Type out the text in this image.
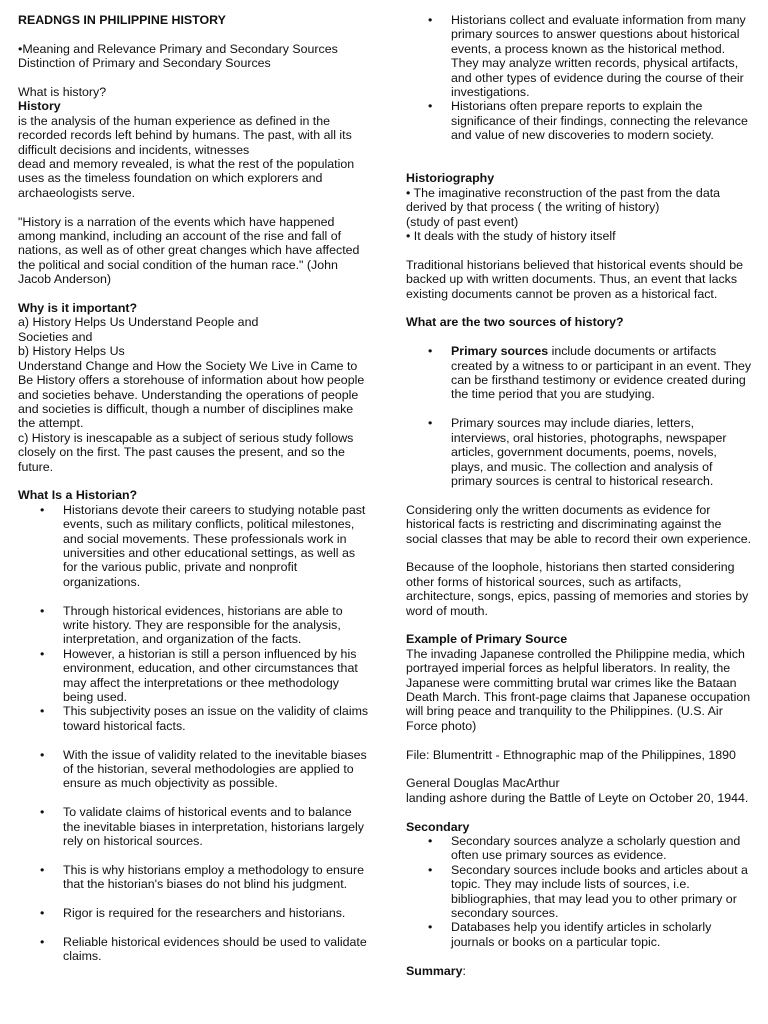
READNGS IN PHILIPPINE HISTORY

•Meaning and Relevance Primary and Secondary Sources

Distinction of Primary and Secondary Sources

What is history?

History

is the analysis of the human experience as defined in the recorded records left behind by humans. The past, with all its difficult decisions and incidents, witnesses

dead and memory revealed, is what the rest of the population uses as the timeless foundation on which explorers and archaeologists serve.

"History is a narration of the events which have happened among mankind, including an account of the rise and fall of nations, as well as of other great changes which have affected the political and social condition of the human race." (John Jacob Anderson)

Why is it important?

a) History Helps Us Understand People and

Societies and

b) History Helps Us

Understand Change and How the Society We Live in Came to Be History offers a storehouse of information about how people and societies behave. Understanding the operations of people and societies is difficult, though a number of disciplines make the attempt.

c) History is inescapable as a subject of serious study follows closely on the first. The past causes the present, and so the future.

What Is a Historian?

• Historians devote their careers to studying notable past events, such as military conflicts, political milestones, and social movements. These professionals work in universities and other educational settings, as well as for the various public, private and nonprofit organizations.
• Through historical evidences, historians are able to write history. They are responsible for the analysis, interpretation, and organization of the facts.
• However, a historian is still a person influenced by his environment, education, and other circumstances that may affect the interpretations or thee methodology being used.
• This subjectivity poses an issue on the validity of claims toward historical facts.
• With the issue of validity related to the inevitable biases of the historian, several methodologies are applied to ensure as much objectivity as possible.
• To validate claims of historical events and to balance the inevitable biases in interpretation, historians largely rely on historical sources.
• This is why historians employ a methodology to ensure that the historian's biases do not blind his judgment.
• Rigor is required for the researchers and historians.
• Reliable historical evidences should be used to validate claims.
• Historians collect and evaluate information from many primary sources to answer questions about historical events, a process known as the historical method. They may analyze written records, physical artifacts, and other types of evidence during the course of their investigations.
• Historians often prepare reports to explain the significance of their findings, connecting the relevance and value of new discoveries to modern society.

Historiography

• The imaginative reconstruction of the past from the data derived by that process ( the writing of history)

(study of past event)

• It deals with the study of history itself

Traditional historians believed that historical events should be backed up with written documents. Thus, an event that lacks existing documents cannot be proven as a historical fact.

What are the two sources of history?

• Primary sources include documents or artifacts created by a witness to or participant in an event. They can be firsthand testimony or evidence created during the time period that you are studying.
• Primary sources may include diaries, letters, interviews, oral histories, photographs, newspaper articles, government documents, poems, novels, plays, and music. The collection and analysis of primary sources is central to historical research.

Considering only the written documents as evidence for historical facts is restricting and discriminating against the social classes that may be able to record their own experience.

Because of the loophole, historians then started considering other forms of historical sources, such as artifacts, architecture, songs, epics, passing of memories and stories by word of mouth.

Example of Primary Source

The invading Japanese controlled the Philippine media, which portrayed imperial forces as helpful liberators. In reality, the Japanese were committing brutal war crimes like the Bataan Death March. This front-page claims that Japanese occupation will bring peace and tranquility to the Philippines. (U.S. Air Force photo)

File: Blumentritt - Ethnographic map of the Philippines, 1890

General Douglas MacArthur

landing ashore during the Battle of Leyte on October 20, 1944.

Secondary

• Secondary sources analyze a scholarly question and often use primary sources as evidence.
• Secondary sources include books and articles about a topic. They may include lists of sources, i.e. bibliographies, that may lead you to other primary or secondary sources.
• Databases help you identify articles in scholarly journals or books on a particular topic.

Summary:
